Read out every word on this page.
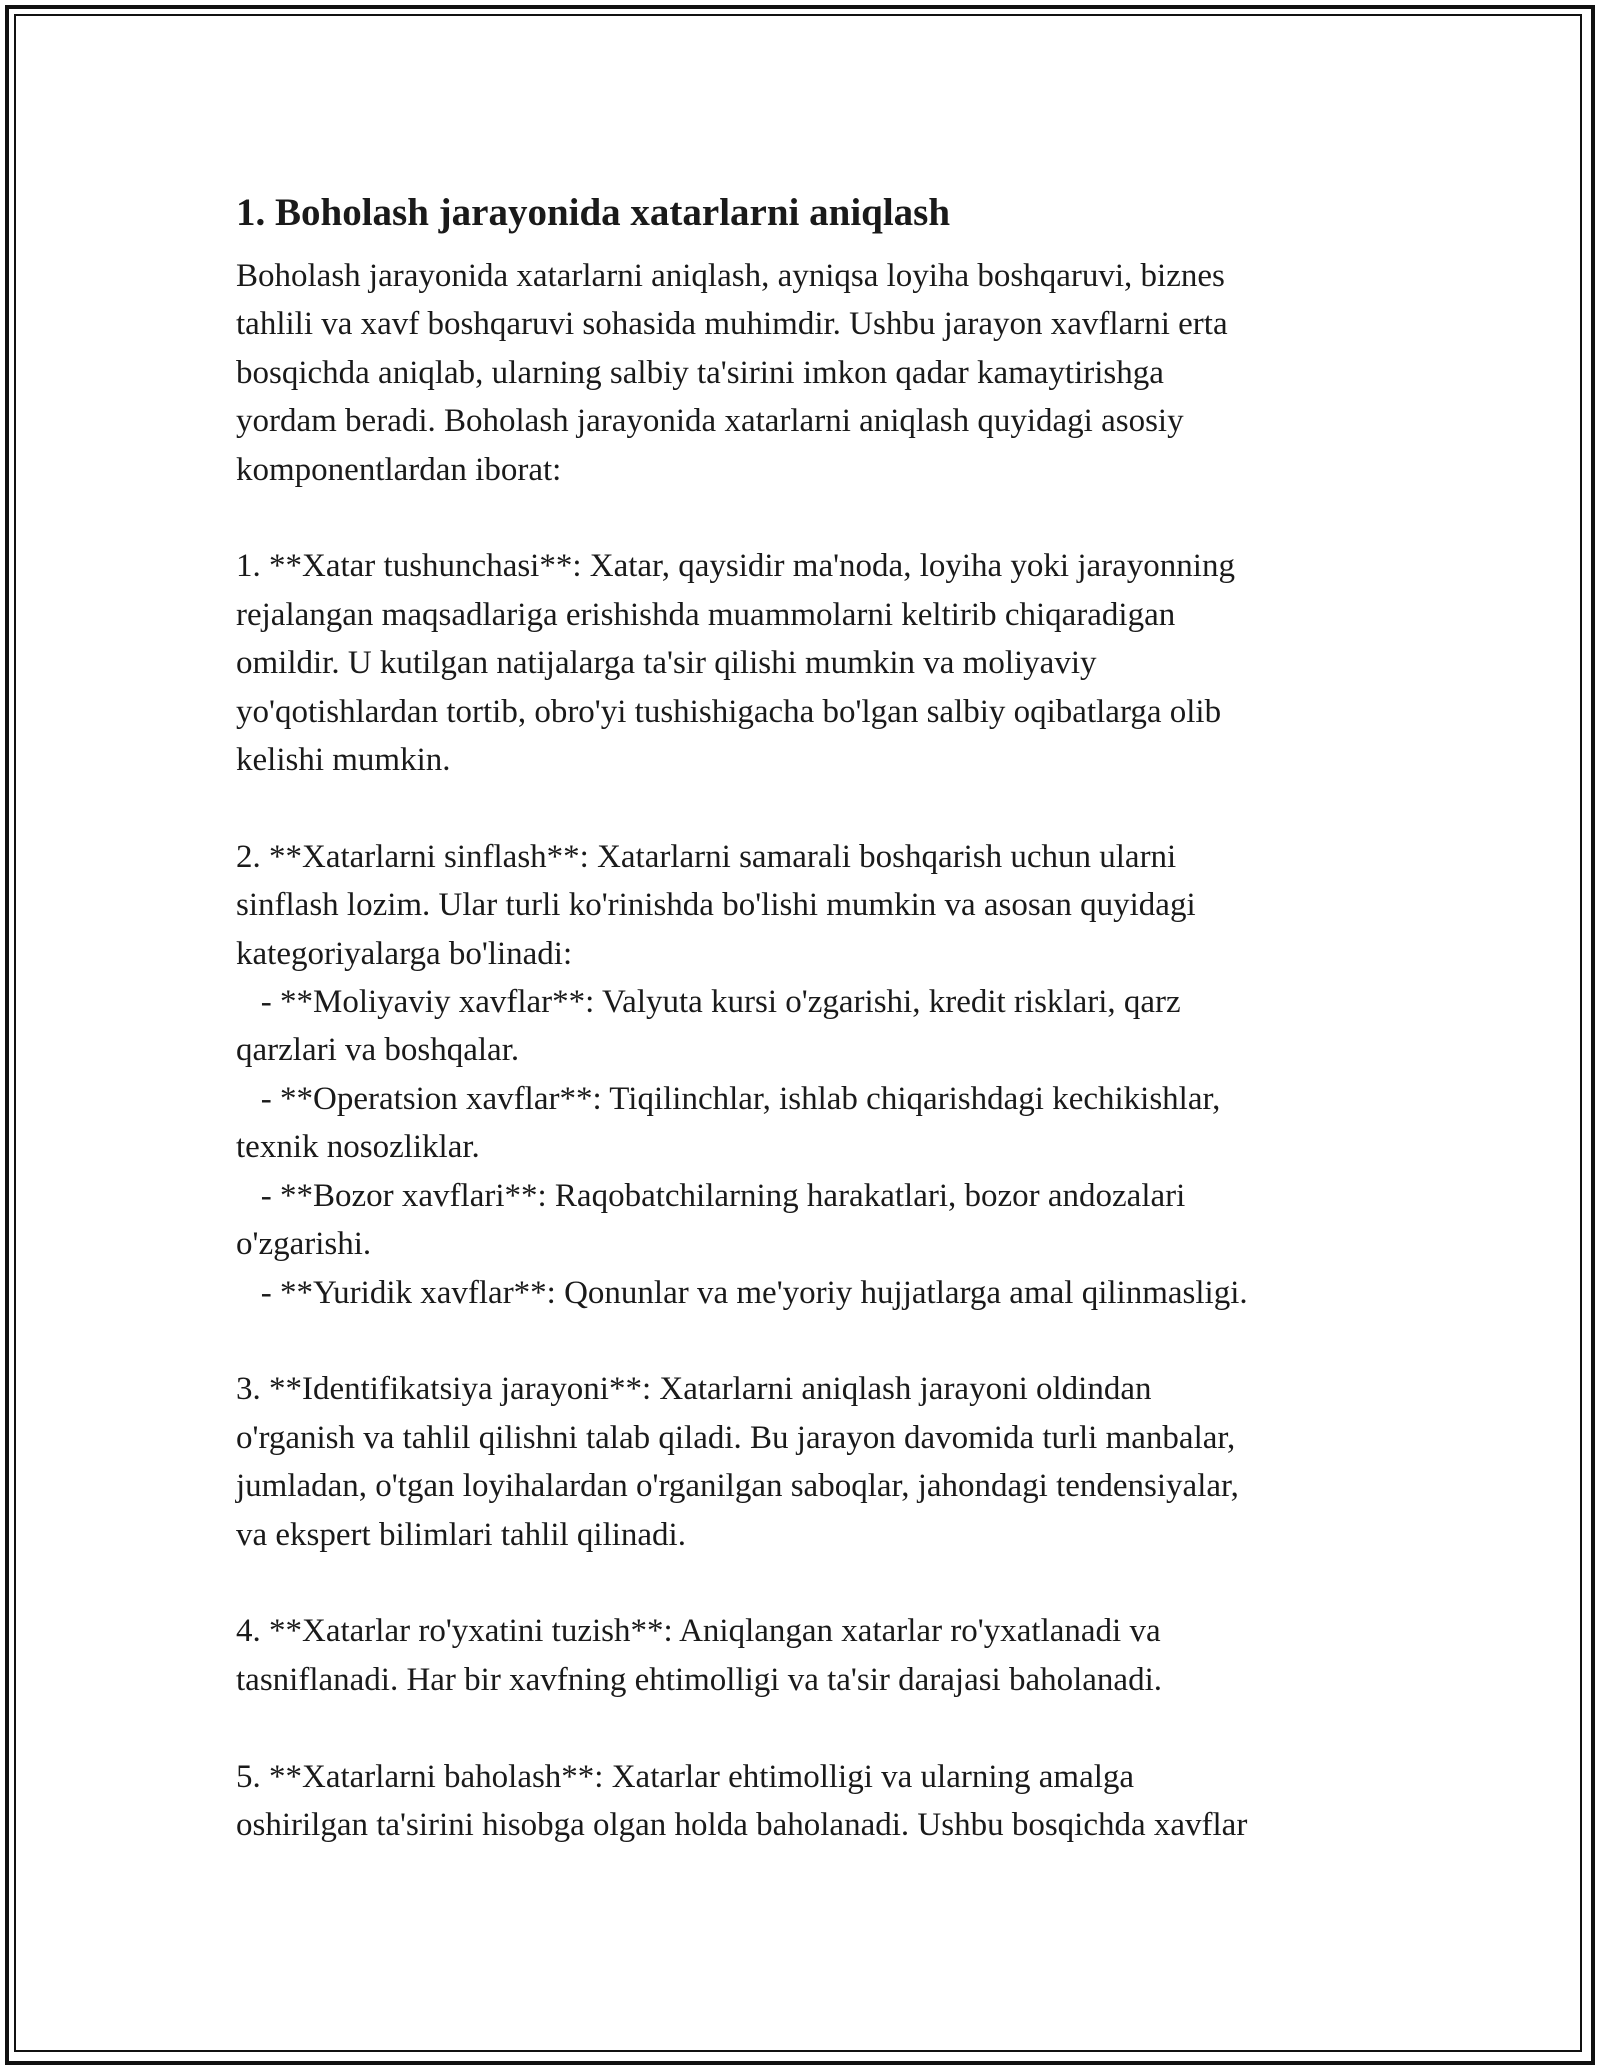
1. Boholash jarayonida xatarlarni aniqlash

Boholash jarayonida xatarlarni aniqlash, ayniqsa loyiha boshqaruvi, biznes
tahlili va xavf boshqaruvi sohasida muhimdir. Ushbu jarayon xavflarni erta
bosqichda aniqlab, ularning salbiy ta'sirini imkon qadar kamaytirishga
yordam beradi. Boholash jarayonida xatarlarni aniqlash quyidagi asosiy
komponentlardan iborat:

1. **Xatar tushunchasi**: Xatar, qaysidir ma'noda, loyiha yoki jarayonning
rejalangan maqsadlariga erishishda muammolarni keltirib chiqaradigan
omildir. U kutilgan natijalarga ta'sir qilishi mumkin va moliyaviy
yo'qotishlardan tortib, obro'yi tushishigacha bo'lgan salbiy oqibatlarga olib
kelishi mumkin.

2. **Xatarlarni sinflash**: Xatarlarni samarali boshqarish uchun ularni
sinflash lozim. Ular turli ko'rinishda bo'lishi mumkin va asosan quyidagi
kategoriyalarga bo'linadi:
- **Moliyaviy xavflar**: Valyuta kursi o'zgarishi, kredit risklari, qarz
qarzlari va boshqalar.
- **Operatsion xavflar**: Tiqilinchlar, ishlab chiqarishdagi kechikishlar,
texnik nosozliklar.
- **Bozor xavflari**: Raqobatchilarning harakatlari, bozor andozalari
o'zgarishi.
- **Yuridik xavflar**: Qonunlar va me'yoriy hujjatlarga amal qilinmasligi.

3. **Identifikatsiya jarayoni**: Xatarlarni aniqlash jarayoni oldindan
o'rganish va tahlil qilishni talab qiladi. Bu jarayon davomida turli manbalar,
jumladan, o'tgan loyihalardan o'rganilgan saboqlar, jahondagi tendensiyalar,
va ekspert bilimlari tahlil qilinadi.

4. **Xatarlar ro'yxatini tuzish**: Aniqlangan xatarlar ro'yxatlanadi va
tasniflanadi. Har bir xavfning ehtimolligi va ta'sir darajasi baholanadi.

5. **Xatarlarni baholash**: Xatarlar ehtimolligi va ularning amalga
oshirilgan ta'sirini hisobga olgan holda baholanadi. Ushbu bosqichda xavflar
